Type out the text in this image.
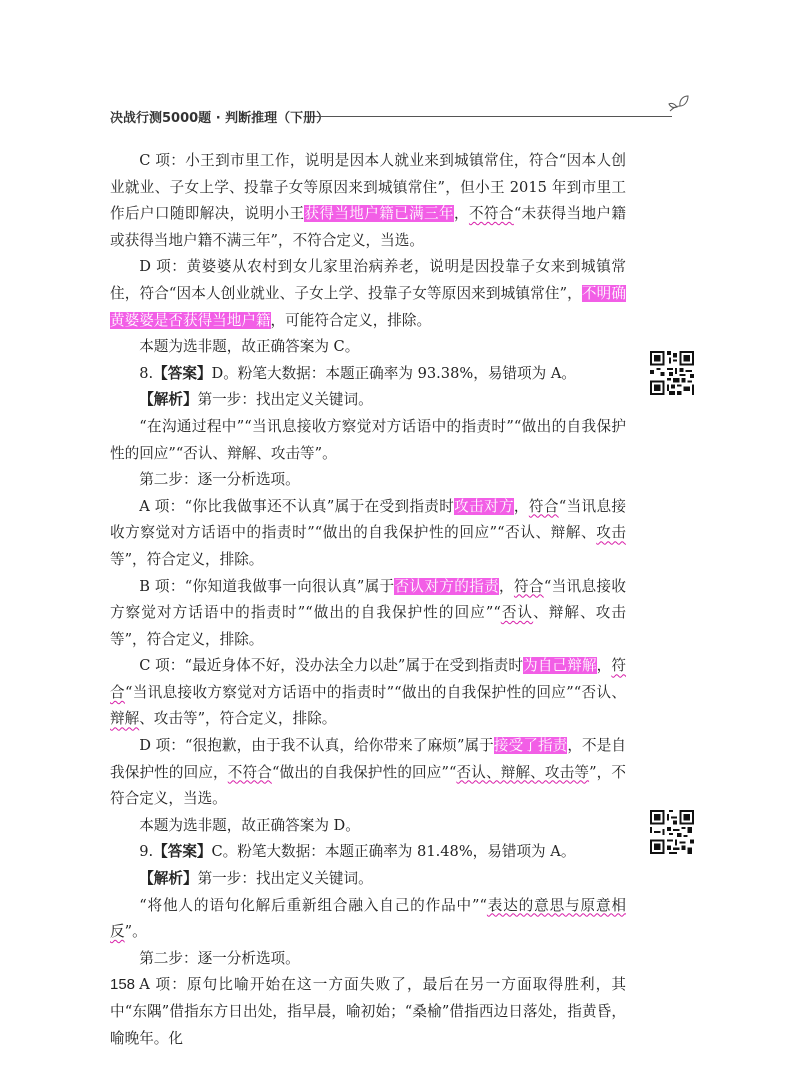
决战行测5000题 · 判断推理（下册）

C 项：小王到市里工作，说明是因本人就业来到城镇常住，符合“因本人创业就业、子女上学、投靠子女等原因来到城镇常住”，但小王 2015 年到市里工作后户口随即解决，说明小王获得当地户籍已满三年，不符合“未获得当地户籍或获得当地户籍不满三年”，不符合定义，当选。

D 项：黄婆婆从农村到女儿家里治病养老，说明是因投靠子女来到城镇常住，符合“因本人创业就业、子女上学、投靠子女等原因来到城镇常住”，不明确黄婆婆是否获得当地户籍，可能符合定义，排除。

本题为选非题，故正确答案为 C。

8.【答案】D。粉笔大数据：本题正确率为 93.38%，易错项为 A。

【解析】第一步：找出定义关键词。

“在沟通过程中”“当讯息接收方察觉对方话语中的指责时”“做出的自我保护性的回应”“否认、辩解、攻击等”。

第二步：逐一分析选项。

A 项：“你比我做事还不认真”属于在受到指责时攻击对方，符合“当讯息接收方察觉对方话语中的指责时”“做出的自我保护性的回应”“否认、辩解、攻击等”，符合定义，排除。

B 项：“你知道我做事一向很认真”属于否认对方的指责，符合“当讯息接收方察觉对方话语中的指责时”“做出的自我保护性的回应”“否认、辩解、攻击等”，符合定义，排除。

C 项：“最近身体不好，没办法全力以赴”属于在受到指责时为自己辩解，符合“当讯息接收方察觉对方话语中的指责时”“做出的自我保护性的回应”“否认、辩解、攻击等”，符合定义，排除。

D 项：“很抱歉，由于我不认真，给你带来了麻烦”属于接受了指责，不是自我保护性的回应，不符合“做出的自我保护性的回应”“否认、辩解、攻击等”，不符合定义，当选。

本题为选非题，故正确答案为 D。

9.【答案】C。粉笔大数据：本题正确率为 81.48%，易错项为 A。

【解析】第一步：找出定义关键词。

“将他人的语句化解后重新组合融入自己的作品中”“表达的意思与原意相反”。

第二步：逐一分析选项。

A 项：原句比喻开始在这一方面失败了，最后在另一方面取得胜利，其中“东隅”借指东方日出处，指早晨，喻初始；“桑榆”借指西边日落处，指黄昏，喻晚年。化

158
